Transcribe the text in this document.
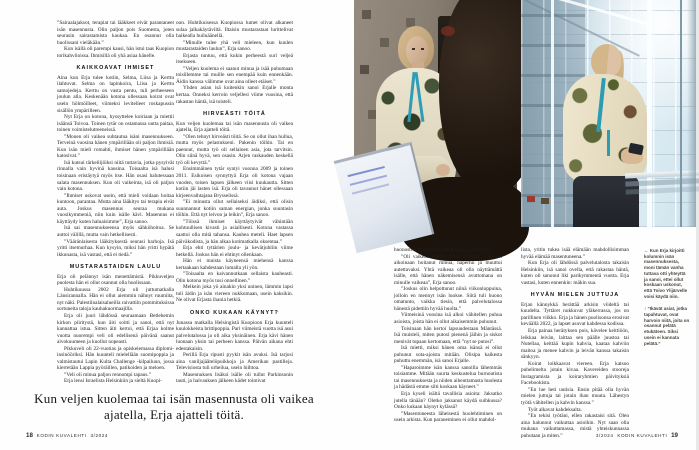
”Sairaalajaksot, terapiat tai lääkkeet eivät parantaneet isän masennusta. Olin paljon pois Suomesta, joten seurasin sairastamista kaukaa. En osannut olla huolissani vieläkään.”
Kun isällä oli parempi kausi, hän istui taas Kuopion torikahviloissa. Ihmisillä oli yhä asiaa hänelle.
KAIKKOAVAT IHMISET
Aina kun Erja tulee kotiin, Selma, Liisa ja Kerttu ilahtuvat. Selma on lapinkoira, Liisa ja Kerttu samojedeja. Kerttu on vasta pentu, tuli perheeseen joulun alla. Keskenään kotona ollessaan koirat ovat usein hölmöilleet, viimeksi levitelleet roskapussin sisällön ympärilleen.
Nyt Erja on kotona, hyssyttelee koiriaan ja miettii isäänsä Toivoa. Toinen tytär on ostamassa uutta paitaa, toinen voimistelutreeneissä.
”Monen oli vaikea suhtautua isäni masennukseen. Terveinä vuosina hänen ympärillään oli paljon ihmisiä. Kun isän mieli romahti, ihmiset hänen ympärillään katosivat.”
Isä kutsui tärkeilijöiksi niitä tuttavia, jotka pysyivät rinnalla vain hyvinä kausina. Toisaalta isä halusi toisinaan eristäytyä myös itse. Hän osasi halutessaan salata masennuksen. Kun oli vaikeinta, isä oli paljon vain kotona.
”Ihmiset uskovat usein, että mieli voidaan hoitaa kuntoon, parantaa. Mutta aina lääkitys tai terapia eivät auta. Joskus masennus seuraa mukana vuosikymmeniä, niin kuin isälle kävi. Masennus ei käyttäydy kuten haluaisimme”, Erja sanoo.
Isä sai masennukseensa myös sähköhoitoa. Se auttoi välillä, mutta vain hetkellisesti.
”Vääränlaisesta lääkityksestä seurasi harhoja. Isä yritti itsemurhaa. Kun kysyin, miksi hän yritti hypätä ikkunasta, isä vastasi, että ei tiedä.”
MUSTARASTAIDEN LAULU
Erja oli pelännyt isän menettämistä. Pikkuveljen puolesta hän ei ollut osannut olla huolissaan.
Huhtikuussa 2002 Erja oli juttumatkalla Länsirannalla. Hän ei ollut aiemmin nähnyt ruumiita, nyt näki. Palestiinalaisalueilla raivattiin pommituksissa sortuneita taloja kauhakuormaajilla.
Erja oli juuri lähdössä seuraamaan Betlehemin kirkon piiritystä, kun äiti soitti ja sanoi, että nyt kannattaa istua. Sitten äiti kertoi, että Erjaa kolme vuotta nuorempi veli oli edellisenä päivänä saanut aivokuumeen ja kuollut nopeasti.
Pikkuveli oli 22-vuotias ja opiskelemassa diplomi-insinööriksi. Hän kuunteli mielellään suomipoppia ja valmistautui Lapin Kulta Challenge -kilpailuun, jossa kierretään Lappia pyöräillen, patikoiden ja meloen.
”Veli oli minua paljon rennompi tapaus.”
Erja lensi Israelista Helsinkiin ja sieltä Kuopi-
oon. Huhtikuisessa Kuopiossa lumet olivat alkaneet sulaa jalkakäytäviltä. Iltaisin mustarastaat lurittelivat haikealla huiluäänellä.
”Minulle tulee yhä veli mieleen, kun kuulen mustarastaiden laulun”, Erja sanoo.
Erjasta tuntuu, että kukin perheestä suri veljeä itsekseen.
”Veljen kuolema ei saanut minua ja isää puhumaan toisillemme tai muille sen enempää kuin ennenkään. Äidin kanssa välimme ovat aina olleet etäiset.”
Yhden asian isä kuitenkin sanoi Erjalle monta kertaa. Onneksi kerroin veljellesi viime vuosina, että rakastan häntä, isä toisteli.
HIRVEÄSTI TÖITÄ
Kun veljen kuolemaa tai isän masennusta oli vaikea ajatella, Erja ajatteli töitä.
”Olen tehnyt hirveästi töitä. Se on ollut ihan hullua, mutta myös pelastukseni. Pakenin töihin. Tai en paennut, mutta työ oli sellainen asia, jota tarvitsin. Olin siinä hyvä, sen osasin. Arjen raskauden keskellä työ oli kevyttä.”
Ensimmäinen tytär syntyi vuonna 2009 ja toinen 2011. Esikoisen synnyttyä Erja oli kotona vajaan vuoden, toisen lapsen jälkeen viisi kuukautta. Sitten kotiin jäi lasten isä. Erja oli tavannut hänet ollessaan kirjeenvaihtajana Brysselissä.
”Ei minusta ollut sellaiseksi äidiksi, että olisin suunnannut kotiin saman energian, jonka suuntasin töihin. Että nyt leivon ja leikin”, Erja sanoo.
”Töissä ihmiset käyttäytyivät vähintään kohtuullisen kivasti ja asiallisesti. Kotona vastassa saattoi olla mitä tahansa. Kauhea meteli. Haet lapsen päiväkodista, ja hän alkaa kotimatkalla oksentaa.”
Erja ehti tyttärien joulu- ja kevätjuhliin viime hetkellä. Joskus hän ei ehtinyt ollenkaan.
Hän ei muista käyneensä miehensä kanssa kertaakaan kahdestaan lomalla yli yön.
”Toisaalta en kaivannutkaan sellaista kauheasti. Olin kotona myös tosi onnellinen.”
Melkein joka yö ainakin yksi uninen, lämmin lapsi tuli äidin ja isän viereen nukkumaan, usein kaksikin. Ne olivat Erjasta ihania hetkiä.
ONKO KUKAAN KÄYNYT?
Junassa matkalla Helsingistä Kuopioon Erja kuunteli kuulokkeista brittipoppia. Pari viimeistä vuotta isä asui palvelutalossa ja oli aika yksinäinen. Erja kävi hänen luonaan yksin tai perheen kanssa. Päivän aikana ehti edestakaisin.
Perillä Erja ripusti pyykit isän avuksi. Isä tarjosi aina vaniljajäätelöpuikkoja ja Amerikan pastilleja. Televisiosta tuli urheilua, usein hiihtoa.
Masennuksen lisäksi isälle oli tullut Parkinsonin tauti, ja halvauksen jälkeen kädet toimivat
Kun veljen kuolemaa tai isän masennusta oli vaikea ajatella, Erja ajatteli töitä.
18 KODIN KUVALEHTI 3/2024
huonosti. Erja syötti isälle puuroa ja kiisseliä.
”Oli vaikeaa nähdä, miten ihminen, joka oli aikoinaan hoitanut minua, hapertui ja muuttui autettavaksi. Yhtä vaikeaa oli olla näyttämättä isälle, että hänen näkemisensä avuttomana on minulle vaikeaa”, Erja sanoo.
”Joskus olin helpottunut niinä viikonloppuina, jolloin en mennyt isän luokse. Siitä tuli huono omatunto, vaikka tiesin, että palvelutalossa hänestä pidettiin hyvää huolta.”
Viimeisinä vuosina isä alkoi vähitellen puhua asioista, joista hän ei ollut aikaisemmin puhunut.
Toisinaan hän kertoi lapsuudestaan Mäntässä. Isä muisteli, miten putosi pienenä jäihin ja siskot menivät tupaan kertomaan, että ”nyt se putosi”.
Isä mietti, miksi hänen oma isänsä ei ollut puhunut sota-ajoista mitään. Olisipa kaikesta puhuttu enemmän, isä sanoi Erjalle.
”Haparoimme isän kanssa sanoilla lähemmäs toisiamme. Mitään suurta keskustelua burnoutista tai masennuksesta ja niiden aiheuttamasta huolesta ja hädästä emme silti koskaan käyneet.”
Erja kyseli isältä tavallisia asioita: Jaksatko jutella tänään? Oletko jaksanut käydä suihkussa? Onko kukaan käynyt kylässä?
”Masentuneesta läheisestä huolehtiminen on usein arkista. Kun paraneminen ei ollut mahdol-
lista, yritin tukea isää elämään mahdollisimman hyvää elämää masentuneena.”
Kun Erja oli lähdössä palvelutalosta takaisin Helsinkiin, isä sanoi ovella, että rakastaa häntä, kuten oli sanonut liki parikymmentä vuotta. Erja vastasi, kuten ennenkin: mäkin sua.
HYVÄN MIELEN JUTTUJA
Erjan kännykkä herättää arkisin viideltä tai kuudelta. Tyttäret nukkuvat yläkerrassa, jos on parillinen viikko. Erja ja hänen puolisonsa erosivat keväällä 2022, ja lapset asuvat kahdessa kodissa.
Erja painaa herätyksen pois, kävelee keittiöön, leikkaa leivän, laittaa sen päälle juustoa tai Nutellaa, keittää kupin kahvia, kaataa kahviin maitoa ja menee kahvin ja leivän kanssa takaisin sänkyyn.
Koirat loikkaavat viereen. Erja katsoo puhelimelta jotain kivaa. Kavereiden stooreja Instagramista ja koiraryhmien päivityksiä Facebookista.
”En lue heti uutisia. Ensin pitää olla hyvän mielen juttuja tai jotain ihan muuta. Lähestyn työtä vähitellen ja kahvin kanssa.”
Työt alkavat kahdeksalta.
”En tekisi työtäni, ellen rakastaisi sitä. Olen aina halunnut vaikuttaa asioihin. Nyt saan olla mukana vaikuttamassa, mistä yhteiskunnassa puhutaan ja miten.”
← Kun Erja kirjoitti kolumnin isän masennuksesta, moni tämän vanha tuttava otti yhteyttä ja sanoi, ettei ollut koskaan uskonut, että Toivo Ylijärvelle voisi käydä niin.
↑ ”Ikävät asiat, jotka tapahtuvat, ovat harvoin niitä, joita on osannut pelätä etukäteen. Siksi usein ei kannata pelätä.”
3/2024 KODIN KUVALEHTI 19
